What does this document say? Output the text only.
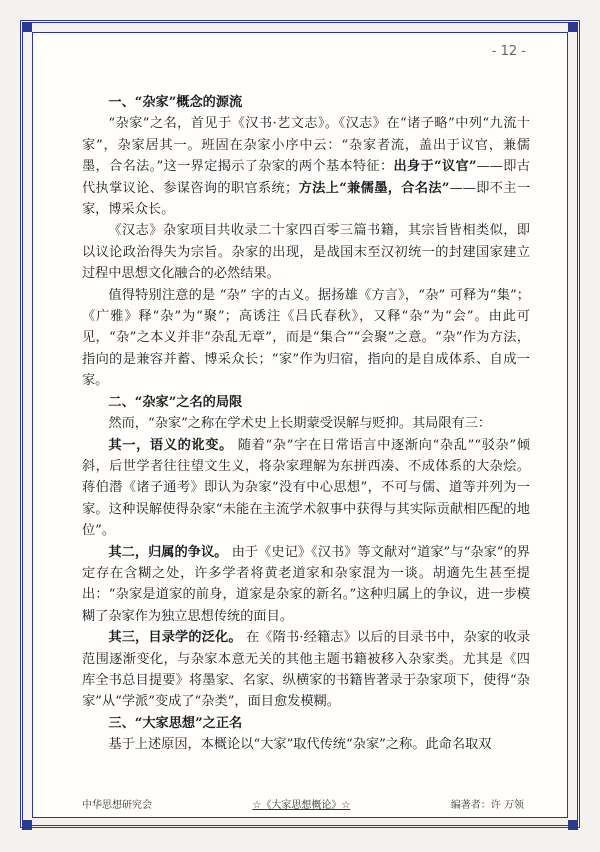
- 12 -
一、“杂家”概念的源流

“杂家”之名，首见于《汉书·艺文志》。《汉志》在“诸子略”中列“九流十家”，杂家居其一。班固在杂家小序中云：“杂家者流，盖出于议官，兼儒墨，合名法。”这一界定揭示了杂家的两个基本特征：出身于“议官”——即古代执掌议论、参谋咨询的职官系统；方法上“兼儒墨，合名法”——即不主一家，博采众长。

《汉志》杂家项目共收录二十家四百零三篇书籍，其宗旨皆相类似，即以议论政治得失为宗旨。杂家的出现，是战国末至汉初统一的封建国家建立过程中思想文化融合的必然结果。

值得特别注意的是 “杂” 字的古义。据扬雄《方言》，“杂” 可释为“集”；《广雅》释“杂”为“聚”；高诱注《吕氏春秋》，又释“杂”为“会”。由此可见，“杂”之本义并非“杂乱无章”，而是“集合”“会聚”之意。“杂”作为方法，指向的是兼容并蓄、博采众长；“家”作为归宿，指向的是自成体系、自成一家。

二、“杂家”之名的局限

然而，“杂家”之称在学术史上长期蒙受误解与贬抑。其局限有三：

其一，语义的讹变。 随着“杂”字在日常语言中逐渐向“杂乱”“驳杂”倾斜，后世学者往往望文生义，将杂家理解为东拼西凑、不成体系的大杂烩。蒋伯潜《诸子通考》即认为杂家“没有中心思想”，不可与儒、道等并列为一家。这种误解使得杂家“未能在主流学术叙事中获得与其实际贡献相匹配的地位”。

其二，归属的争议。 由于《史记》《汉书》等文献对“道家”与“杂家”的界定存在含糊之处，许多学者将黄老道家和杂家混为一谈。胡適先生甚至提出：“杂家是道家的前身，道家是杂家的新名。”这种归属上的争议，进一步模糊了杂家作为独立思想传统的面目。

其三，目录学的泛化。 在《隋书·经籍志》以后的目录书中，杂家的收录范围逐渐变化，与杂家本意无关的其他主题书籍被移入杂家类。尤其是《四库全书总目提要》将墨家、名家、纵横家的书籍皆著录于杂家项下，使得“杂家”从“学派”变成了“杂类”，面目愈发模糊。

三、“大家思想”之正名

基于上述原因，本概论以“大家”取代传统“杂家”之称。此命名取双

中华思想研究会	☆《大家思想概论》☆	编著者：许 万领
